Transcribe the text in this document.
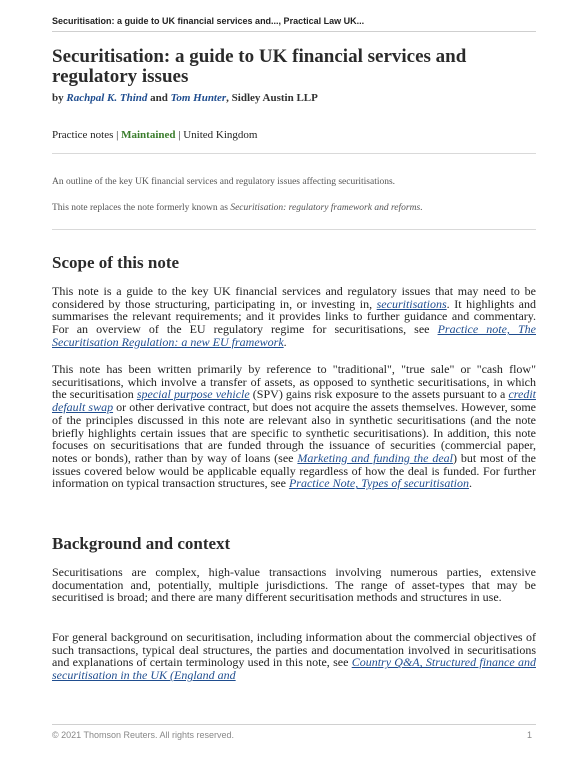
Securitisation: a guide to UK financial services and..., Practical Law UK...
Securitisation: a guide to UK financial services and regulatory issues
by Rachpal K. Thind and Tom Hunter, Sidley Austin LLP
Practice notes | Maintained | United Kingdom
An outline of the key UK financial services and regulatory issues affecting securitisations.
This note replaces the note formerly known as Securitisation: regulatory framework and reforms.
Scope of this note

This note is a guide to the key UK financial services and regulatory issues that may need to be considered by those structuring, participating in, or investing in, securitisations. It highlights and summarises the relevant requirements; and it provides links to further guidance and commentary. For an overview of the EU regulatory regime for securitisations, see Practice note, The Securitisation Regulation: a new EU framework.

This note has been written primarily by reference to "traditional", "true sale" or "cash flow" securitisations, which involve a transfer of assets, as opposed to synthetic securitisations, in which the securitisation special purpose vehicle (SPV) gains risk exposure to the assets pursuant to a credit default swap or other derivative contract, but does not acquire the assets themselves. However, some of the principles discussed in this note are relevant also in synthetic securitisations (and the note briefly highlights certain issues that are specific to synthetic securitisations). In addition, this note focuses on securitisations that are funded through the issuance of securities (commercial paper, notes or bonds), rather than by way of loans (see Marketing and funding the deal) but most of the issues covered below would be applicable equally regardless of how the deal is funded. For further information on typical transaction structures, see Practice Note, Types of securitisation.

Background and context

Securitisations are complex, high-value transactions involving numerous parties, extensive documentation and, potentially, multiple jurisdictions. The range of asset-types that may be securitised is broad; and there are many different securitisation methods and structures in use.

For general background on securitisation, including information about the commercial objectives of such transactions, typical deal structures, the parties and documentation involved in securitisations and explanations of certain terminology used in this note, see Country Q&A, Structured finance and securitisation in the UK (England and

© 2021 Thomson Reuters. All rights reserved.	1
